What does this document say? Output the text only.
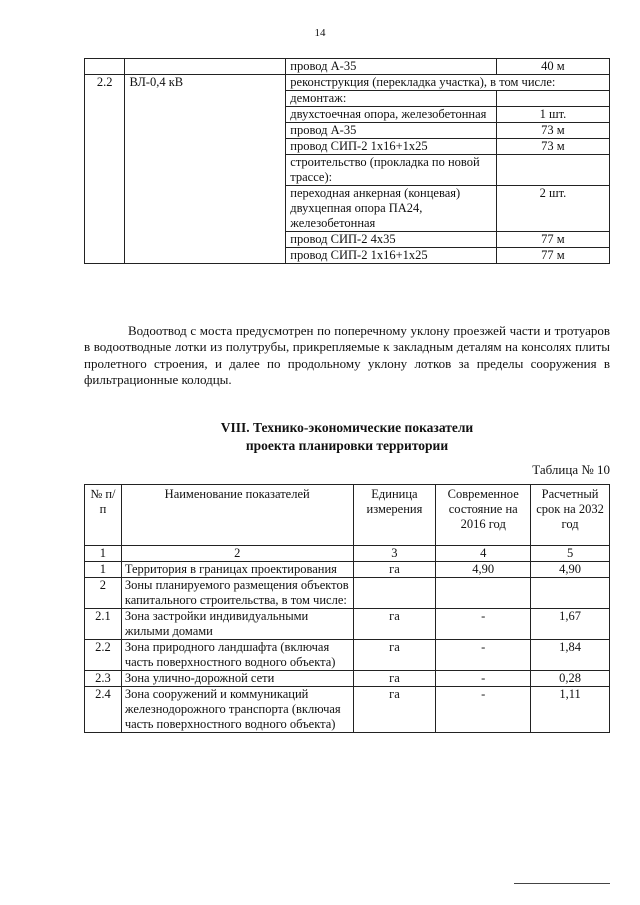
14
		провод А-35	40 м
2.2	ВЛ-0,4 кВ	реконструкция (перекладка участка), в том числе:	
		демонтаж:	
		двухстоечная опора, железобетонная	1 шт.
		провод А-35	73 м
		провод СИП-2 1х16+1х25	73 м
		строительство (прокладка по новой трассе):	
		переходная анкерная (концевая) двухцепная опора ПА24, железобетонная	2 шт.
		провод СИП-2 4х35	77 м
		провод СИП-2 1х16+1х25	77 м

Водоотвод с моста предусмотрен по поперечному уклону проезжей части и тротуаров в водоотводные лотки из полутрубы, прикрепляемые к закладным деталям на консолях плиты пролетного строения, и далее по продольному уклону лотков за пределы сооружения в фильтрационные колодцы.

VIII. Технико-экономические показатели
проекта планировки территории
Таблица № 10
№ п/п	Наименование показателей	Единица измерения	Современное состояние на 2016 год	Расчетный срок на 2032 год
1	2	3	4	5
1	Территория в границах проектирования	га	4,90	4,90
2	Зоны планируемого размещения объектов капитального строительства, в том числе:			
2.1	Зона застройки индивидуальными жилыми домами	га	-	1,67
2.2	Зона природного ландшафта (включая часть поверхностного водного объекта)	га	-	1,84
2.3	Зона улично-дорожной сети	га	-	0,28
2.4	Зона сооружений и коммуникаций железнодорожного транспорта (включая часть поверхностного водного объекта)	га	-	1,11
